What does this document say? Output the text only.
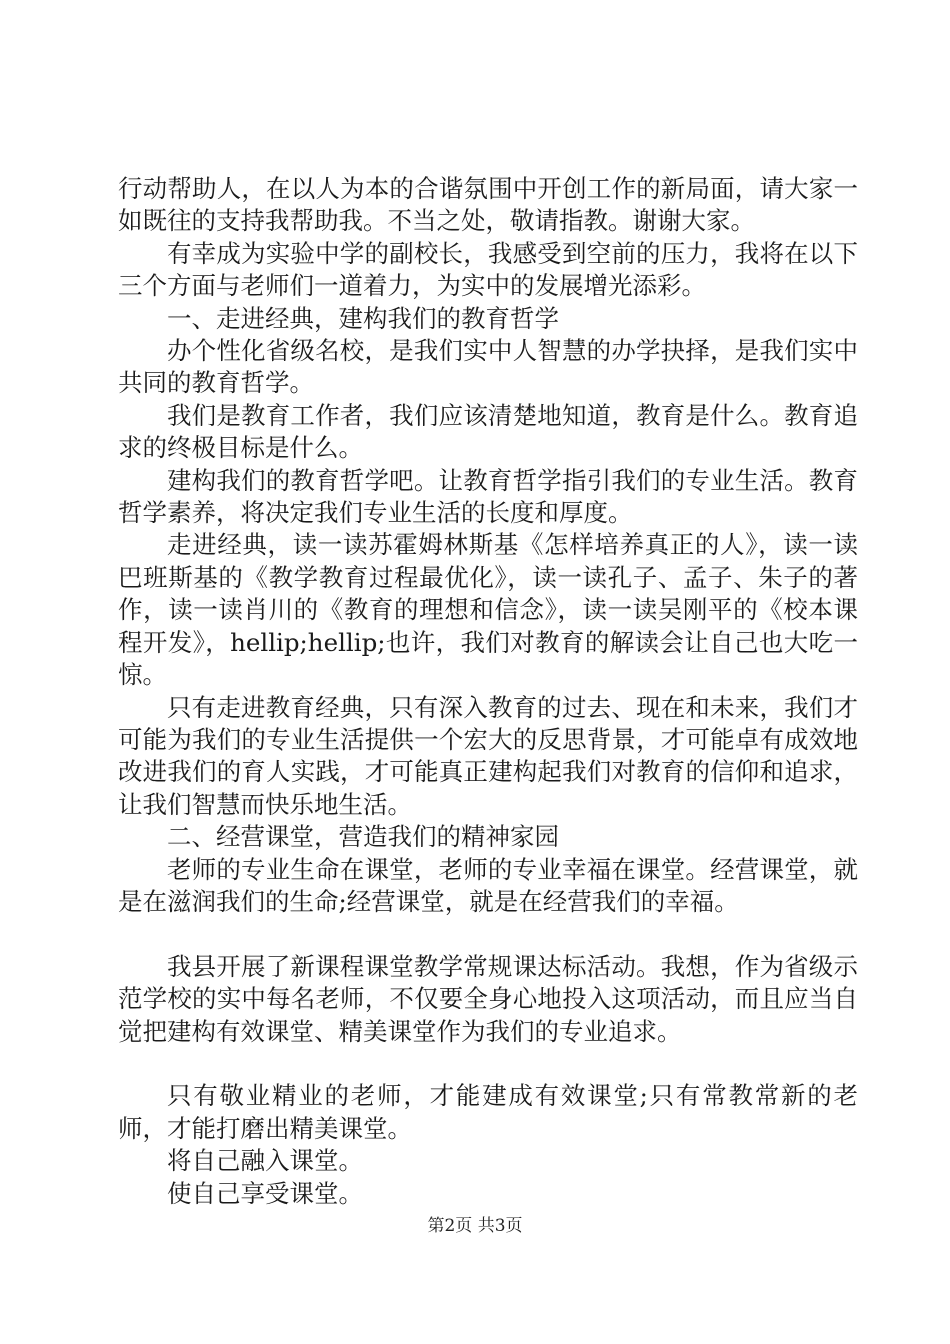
行动帮助人，在以人为本的合谐氛围中开创工作的新局面，请大家一如既往的支持我帮助我。不当之处，敬请指教。谢谢大家。

有幸成为实验中学的副校长，我感受到空前的压力，我将在以下三个方面与老师们一道着力，为实中的发展增光添彩。

一、走进经典，建构我们的教育哲学

办个性化省级名校，是我们实中人智慧的办学抉择，是我们实中共同的教育哲学。

我们是教育工作者，我们应该清楚地知道，教育是什么。教育追求的终极目标是什么。

建构我们的教育哲学吧。让教育哲学指引我们的专业生活。教育哲学素养，将决定我们专业生活的长度和厚度。

走进经典，读一读苏霍姆林斯基《怎样培养真正的人》，读一读巴班斯基的《教学教育过程最优化》，读一读孔子、孟子、朱子的著作，读一读肖川的《教育的理想和信念》，读一读吴刚平的《校本课程开发》，hellip;hellip;也许，我们对教育的解读会让自己也大吃一惊。

只有走进教育经典，只有深入教育的过去、现在和未来，我们才可能为我们的专业生活提供一个宏大的反思背景，才可能卓有成效地改进我们的育人实践，才可能真正建构起我们对教育的信仰和追求，让我们智慧而快乐地生活。

二、经营课堂，营造我们的精神家园

老师的专业生命在课堂，老师的专业幸福在课堂。经营课堂，就是在滋润我们的生命;经营课堂，就是在经营我们的幸福。

我县开展了新课程课堂教学常规课达标活动。我想，作为省级示范学校的实中每名老师，不仅要全身心地投入这项活动，而且应当自觉把建构有效课堂、精美课堂作为我们的专业追求。

只有敬业精业的老师，才能建成有效课堂;只有常教常新的老师，才能打磨出精美课堂。

将自己融入课堂。

使自己享受课堂。

第2页 共3页
